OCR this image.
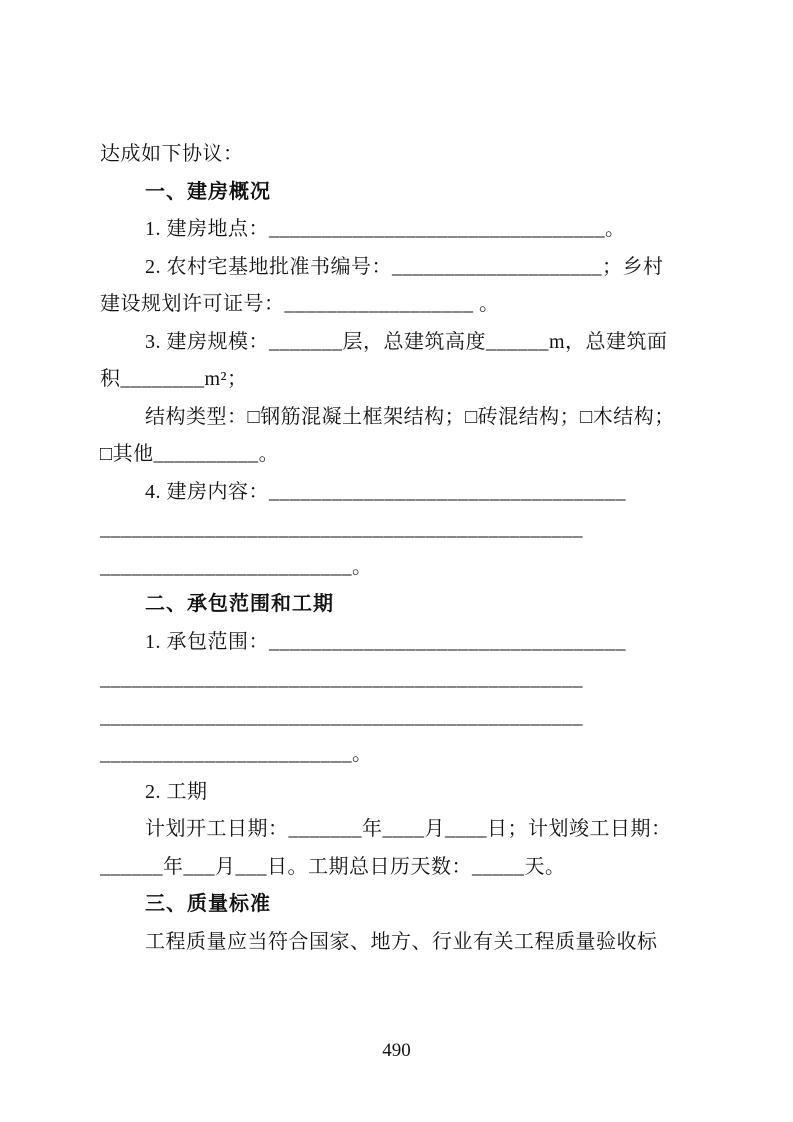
达成如下协议：
一、建房概况
1. 建房地点：________________________________。
2. 农村宅基地批准书编号：____________________；乡村
建设规划许可证号：__________________ 。
3. 建房规模：_______层，总建筑高度______m，总建筑面
积________m²；
结构类型：□钢筋混凝土框架结构；□砖混结构；□木结构；
□其他__________。
4. 建房内容：__________________________________
______________________________________________
________________________。
二、承包范围和工期
1. 承包范围：__________________________________
______________________________________________
______________________________________________
________________________。
2. 工期
计划开工日期：_______年____月____日；计划竣工日期：
______年___月___日。工期总日历天数：_____天。
三、质量标准
工程质量应当符合国家、地方、行业有关工程质量验收标
490
